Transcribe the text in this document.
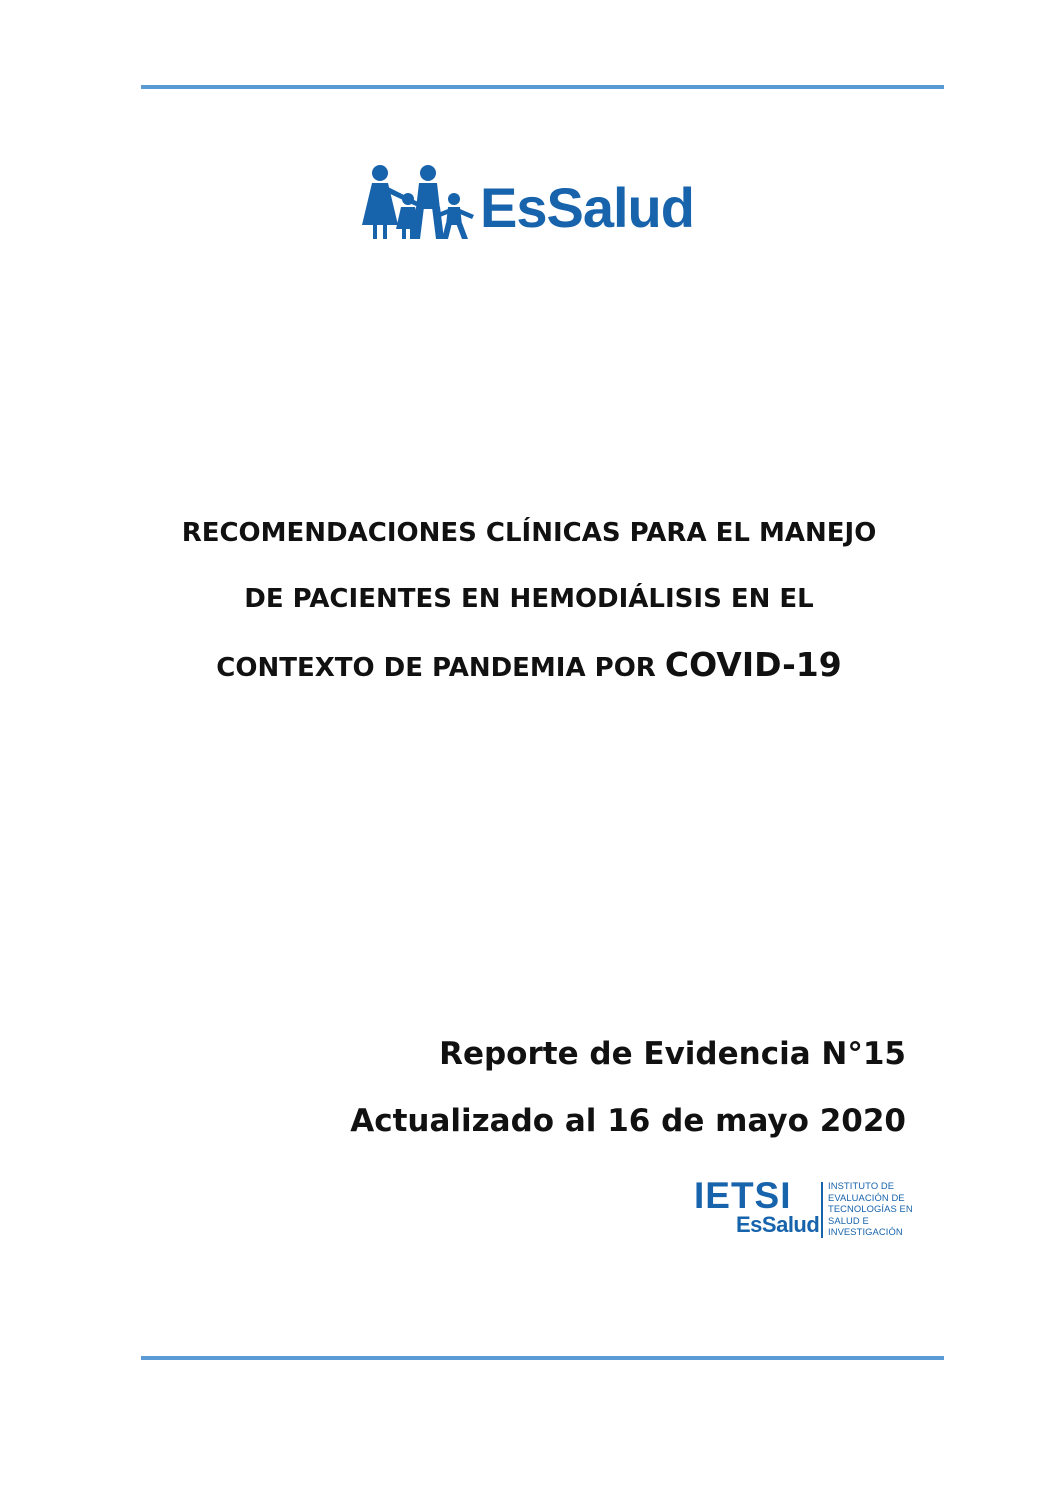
EsSalud
RECOMENDACIONES CLÍNICAS PARA EL MANEJO
DE PACIENTES EN HEMODIÁLISIS EN EL
CONTEXTO DE PANDEMIA POR COVID-19
Reporte de Evidencia N°15
Actualizado al 16 de mayo 2020
IETSI
EsSalud
INSTITUTO DE
EVALUACIÓN DE
TECNOLOGÍAS EN
SALUD E
INVESTIGACIÓN
